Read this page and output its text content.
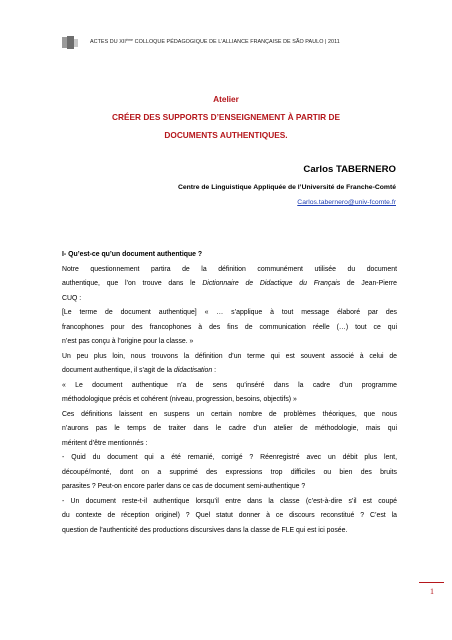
ACTES DU XIIème COLLOQUE PÉDAGOGIQUE DE L’ALLIANCE FRANÇAISE DE SÃO PAULO | 2011
Atelier
CRÉER DES SUPPORTS D’ENSEIGNEMENT À PARTIR DE
DOCUMENTS AUTHENTIQUES.
Carlos TABERNERO
Centre de Linguistique Appliquée de l’Université de Franche-Comté
Carlos.tabernero@univ-fcomte.fr

I- Qu’est-ce qu’un document authentique ?

Notre questionnement partira de la définition communément utilisée du document

authentique, que l’on trouve dans le Dictionnaire de Didactique du Français de Jean-Pierre

CUQ :

[Le terme de document authentique] « … s’applique à tout message élaboré par des

francophones pour des francophones à des fins de communication réelle (…) tout ce qui

n’est pas conçu à l’origine pour la classe. »

Un peu plus loin, nous trouvons la définition d’un terme qui est souvent associé à celui de

document authentique, il s’agit de la didactisation :

« Le document authentique n’a de sens qu’inséré dans la cadre d’un programme

méthodologique précis et cohérent (niveau, progression, besoins, objectifs) »

Ces définitions laissent en suspens un certain nombre de problèmes théoriques, que nous

n’aurons pas le temps de traiter dans le cadre d’un atelier de méthodologie, mais qui

méritent d’être mentionnés :

- Quid du document qui a été remanié, corrigé ? Réenregistré avec un débit plus lent,

découpé/monté, dont on a supprimé des expressions trop difficiles ou bien des bruits

parasites ? Peut-on encore parler dans ce cas de document semi-authentique ?

- Un document reste-t-il authentique lorsqu’il entre dans la classe (c’est-à-dire s’il est coupé

du contexte de réception originel) ? Quel statut donner à ce discours reconstitué ? C’est la

question de l’authenticité des productions discursives dans la classe de FLE qui est ici posée.

1
